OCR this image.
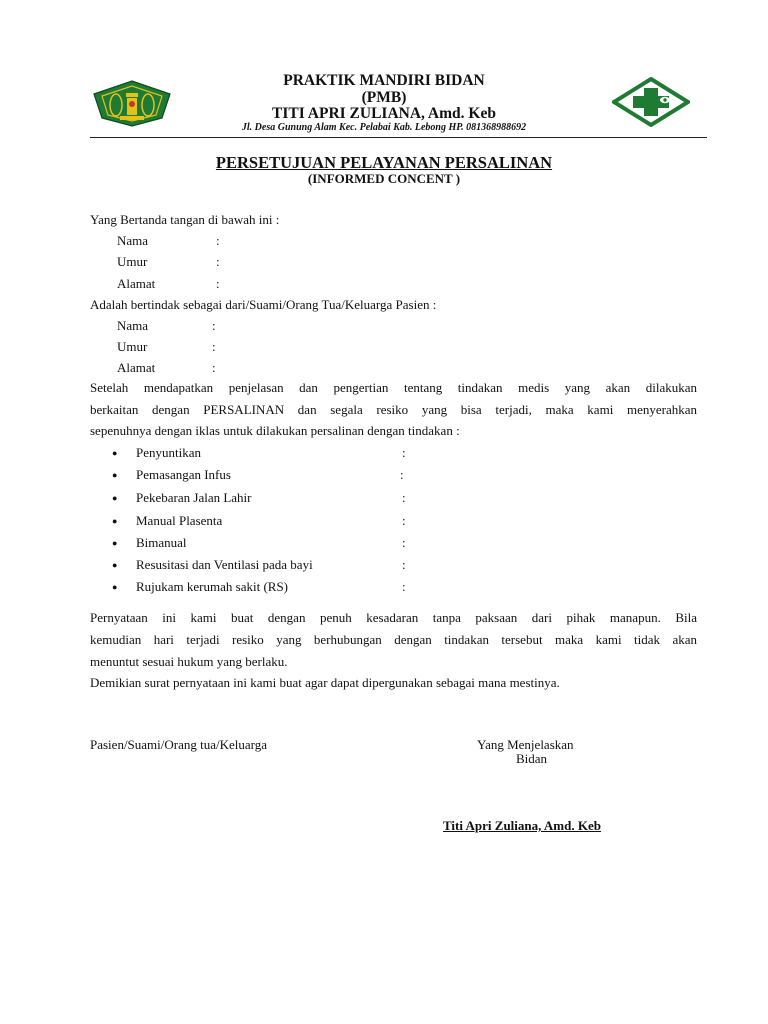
PRAKTIK MANDIRI BIDAN
(PMB)
TITI APRI ZULIANA, Amd. Keb
Jl. Desa Gunung Alam Kec. Pelabai Kab. Lebong HP. 081368988692
PERSETUJUAN PELAYANAN PERSALINAN
(INFORMED CONCENT )
Yang Bertanda tangan di bawah ini :
Nama	:
Umur	:
Alamat	:
Adalah bertindak sebagai dari/Suami/Orang Tua/Keluarga Pasien :
Nama	:
Umur	:
Alamat	:
Setelah mendapatkan penjelasan dan pengertian tentang tindakan medis yang akan dilakukan
berkaitan dengan PERSALINAN dan segala resiko yang bisa terjadi, maka kami menyerahkan
sepenuhnya dengan iklas untuk dilakukan persalinan dengan tindakan :
● Penyuntikan	:
● Pemasangan Infus	:
● Pekebaran Jalan Lahir	:
● Manual Plasenta	:
● Bimanual	:
● Resusitasi dan Ventilasi pada bayi	:
● Rujukam kerumah sakit (RS)	:
Pernyataan ini kami buat dengan penuh kesadaran tanpa paksaan dari pihak manapun. Bila
kemudian hari terjadi resiko yang berhubungan dengan tindakan tersebut maka kami tidak akan
menuntut sesuai hukum yang berlaku.
Demikian surat pernyataan ini kami buat agar dapat dipergunakan sebagai mana mestinya.
Pasien/Suami/Orang tua/Keluarga	Yang Menjelaskan
Bidan
Titi Apri Zuliana, Amd. Keb
